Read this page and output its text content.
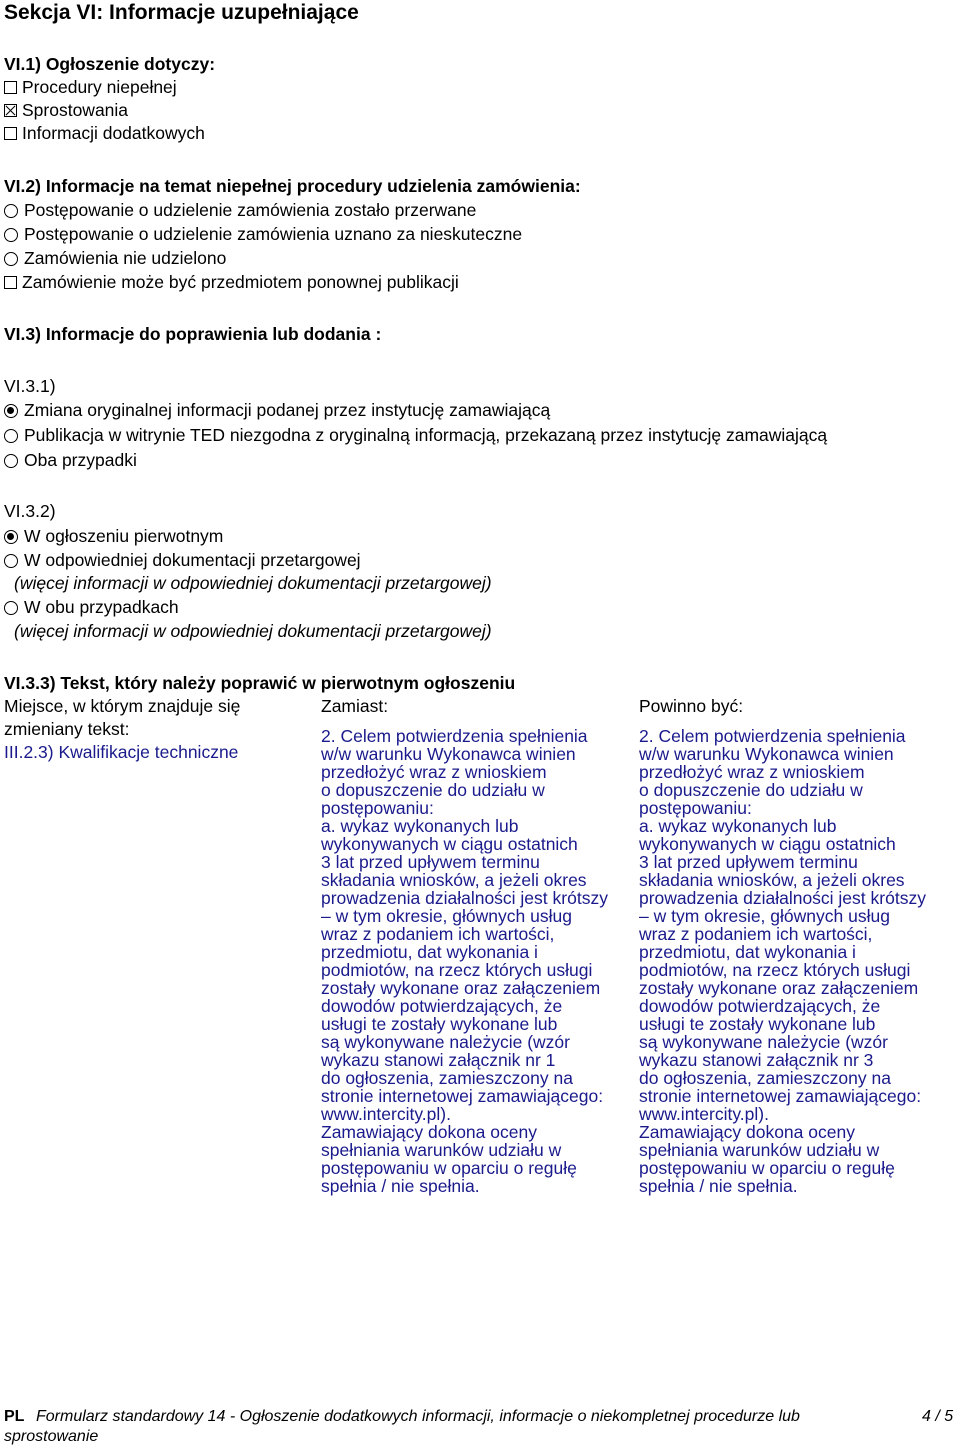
Sekcja VI: Informacje uzupełniające
VI.1) Ogłoszenie dotyczy:
Procedury niepełnej
Sprostowania
Informacji dodatkowych
VI.2) Informacje na temat niepełnej procedury udzielenia zamówienia:
Postępowanie o udzielenie zamówienia zostało przerwane
Postępowanie o udzielenie zamówienia uznano za nieskuteczne
Zamówienia nie udzielono
Zamówienie może być przedmiotem ponownej publikacji
VI.3) Informacje do poprawienia lub dodania :
VI.3.1)
Zmiana oryginalnej informacji podanej przez instytucję zamawiającą
Publikacja w witrynie TED niezgodna z oryginalną informacją, przekazaną przez instytucję zamawiającą
Oba przypadki
VI.3.2)
W ogłoszeniu pierwotnym
W odpowiedniej dokumentacji przetargowej
(więcej informacji w odpowiedniej dokumentacji przetargowej)
W obu przypadkach
(więcej informacji w odpowiedniej dokumentacji przetargowej)
VI.3.3) Tekst, który należy poprawić w pierwotnym ogłoszeniu
Miejsce, w którym znajduje się
zmieniany tekst:
III.2.3) Kwalifikacje techniczne
Zamiast:	Powinno być:
2. Celem potwierdzenia spełnienia
w/w warunku Wykonawca winien
przedłożyć wraz z wnioskiem
o dopuszczenie do udziału w
postępowaniu:
a. wykaz wykonanych lub
wykonywanych w ciągu ostatnich
3 lat przed upływem terminu
składania wniosków, a jeżeli okres
prowadzenia działalności jest krótszy
– w tym okresie, głównych usług
wraz z podaniem ich wartości,
przedmiotu, dat wykonania i
podmiotów, na rzecz których usługi
zostały wykonane oraz załączeniem
dowodów potwierdzających, że
usługi te zostały wykonane lub
są wykonywane należycie (wzór
wykazu stanowi załącznik nr 1
do ogłoszenia, zamieszczony na
stronie internetowej zamawiającego:
www.intercity.pl).
Zamawiający dokona oceny
spełniania warunków udziału w
postępowaniu w oparciu o regułę
spełnia / nie spełnia.
2. Celem potwierdzenia spełnienia
w/w warunku Wykonawca winien
przedłożyć wraz z wnioskiem
o dopuszczenie do udziału w
postępowaniu:
a. wykaz wykonanych lub
wykonywanych w ciągu ostatnich
3 lat przed upływem terminu
składania wniosków, a jeżeli okres
prowadzenia działalności jest krótszy
– w tym okresie, głównych usług
wraz z podaniem ich wartości,
przedmiotu, dat wykonania i
podmiotów, na rzecz których usługi
zostały wykonane oraz załączeniem
dowodów potwierdzających, że
usługi te zostały wykonane lub
są wykonywane należycie (wzór
wykazu stanowi załącznik nr 3
do ogłoszenia, zamieszczony na
stronie internetowej zamawiającego:
www.intercity.pl).
Zamawiający dokona oceny
spełniania warunków udziału w
postępowaniu w oparciu o regułę
spełnia / nie spełnia.
PL Formularz standardowy 14 - Ogłoszenie dodatkowych informacji, informacje o niekompletnej procedurze lub
sprostowanie
4 / 5
